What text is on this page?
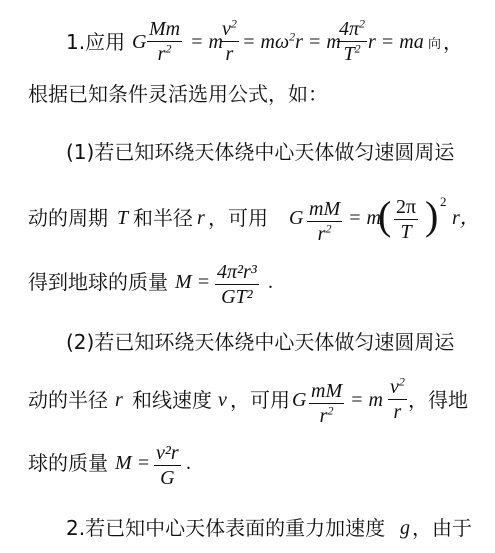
1.应用 G $\frac{Mm}{r^2} = m$
$\frac{v^2}{r} = m\omega^2r = m$
$\frac{4\pi^2}{T^2}$ r = ma 向 ，
根据已知条件灵活选用公式，如：
(1)若已知环绕天体绕中心天体做匀速圆周运
动的周期 T 和半径 r ，可用 G $\frac{mM}{r^2} = m$
( $\frac{2\pi}{T}$ ) 2
r，
得到地球的质量 $M = \frac{\text{4π²r³}}{\text{GT²}}$ .
(2)若已知环绕天体绕中心天体做匀速圆周运
动的半径 r 和线速度 v ，可用 G $\frac{mM}{r^2} = m \frac{v^2}{r}$ ，得地
球的质量 $M = \frac{\text{v²r}}{G}$ .
2.若已知中心天体表面的重力加速度 g ，由于
